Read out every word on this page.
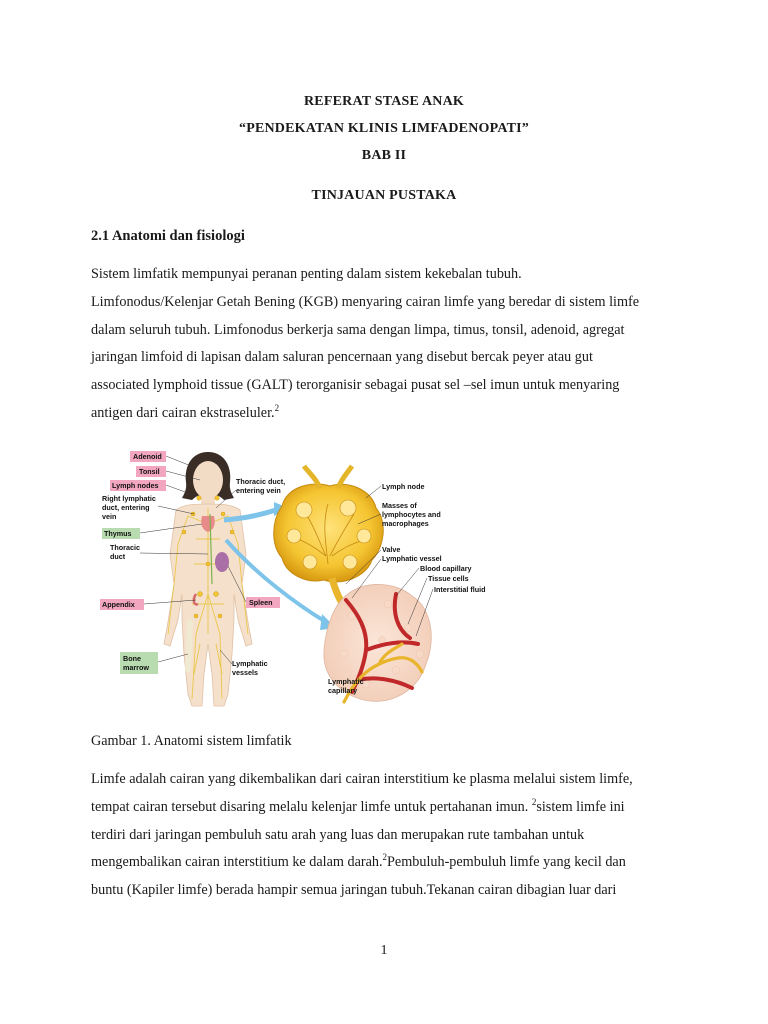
REFERAT STASE ANAK
“PENDEKATAN KLINIS LIMFADENOPATI”
BAB II
TINJAUAN PUSTAKA
2.1 Anatomi dan fisiologi

Sistem limfatik mempunyai peranan penting dalam sistem kekebalan tubuh.

Limfonodus/Kelenjar Getah Bening (KGB) menyaring cairan limfe yang beredar di sistem limfe

dalam seluruh tubuh. Limfonodus berkerja sama dengan limpa, timus, tonsil, adenoid, agregat

jaringan limfoid di lapisan dalam saluran pencernaan yang disebut bercak peyer atau gut

associated lymphoid tissue (GALT) terorganisir sebagai pusat sel –sel imun untuk menyaring

antigen dari cairan ekstraseluler.$^2$

Adenoid
Tonsil
Lymph nodes
Right lymphatic
duct, entering
vein
Thymus
Thoracic
duct
Appendix
Bone
marrow
Thoracic duct,
entering vein
Spleen
Lymphatic
vessels
Lymph node
Masses of
lymphocytes and
macrophages
Valve
Lymphatic vessel
Blood capillary
Tissue cells
Interstitial fluid
Lymphatic
capillary
Gambar 1. Anatomi sistem limfatik

Limfe adalah cairan yang dikembalikan dari cairan interstitium ke plasma melalui sistem limfe,

tempat cairan tersebut disaring melalu kelenjar limfe untuk pertahanan imun. $^2$sistem limfe ini

terdiri dari jaringan pembuluh satu arah yang luas dan merupakan rute tambahan untuk

mengembalikan cairan interstitium ke dalam darah.$^2$Pembuluh-pembuluh limfe yang kecil dan

buntu (Kapiler limfe) berada hampir semua jaringan tubuh.Tekanan cairan dibagian luar dari

1
